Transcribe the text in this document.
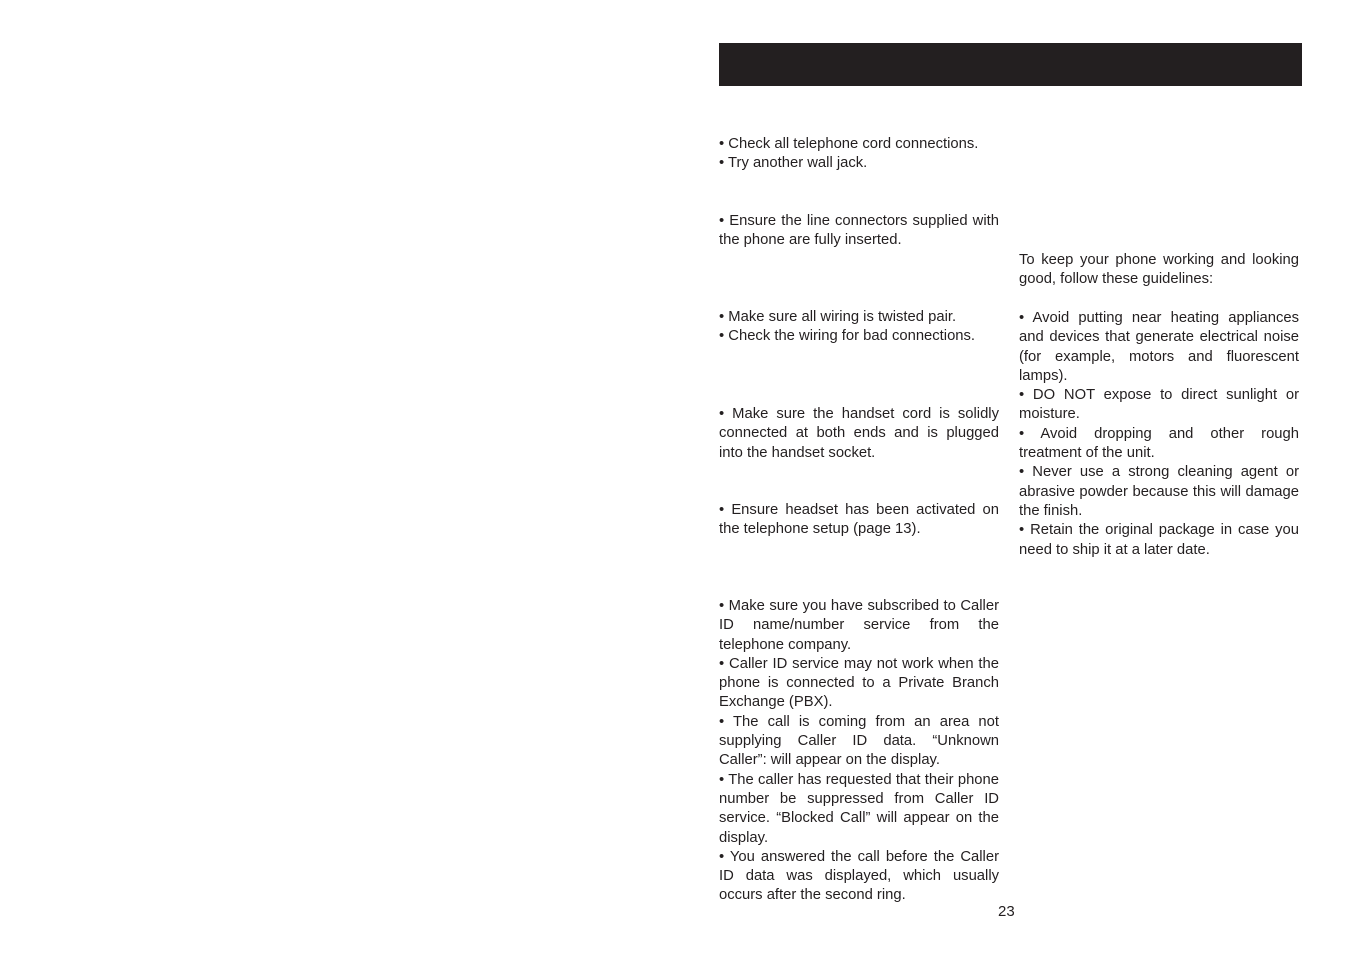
• Check all telephone cord connections.

• Try another wall jack.

• Ensure the line connectors supplied with the phone are fully inserted.

• Make sure all wiring is twisted pair.

• Check the wiring for bad connections.

• Make sure the handset cord is solidly connected at both ends and is plugged into the handset socket.

• Ensure headset has been activated on the telephone setup (page 13).

• Make sure you have subscribed to Caller ID name/number service from the telephone company.

• Caller ID service may not work when the phone is connected to a Private Branch Exchange (PBX).

• The call is coming from an area not supplying Caller ID data. “Unknown Caller”: will appear on the display.

• The caller has requested that their phone number be suppressed from Caller ID service. “Blocked Call” will appear on the display.

• You answered the call before the Caller ID data was displayed, which usually occurs after the second ring.

To keep your phone working and looking good, follow these guidelines:

• Avoid putting near heating appliances and devices that generate electrical noise (for example, motors and fluorescent lamps).

• DO NOT expose to direct sunlight or moisture.

• Avoid dropping and other rough treatment of the unit.

• Never use a strong cleaning agent or abrasive powder because this will damage the finish.

• Retain the original package in case you need to ship it at a later date.

23
